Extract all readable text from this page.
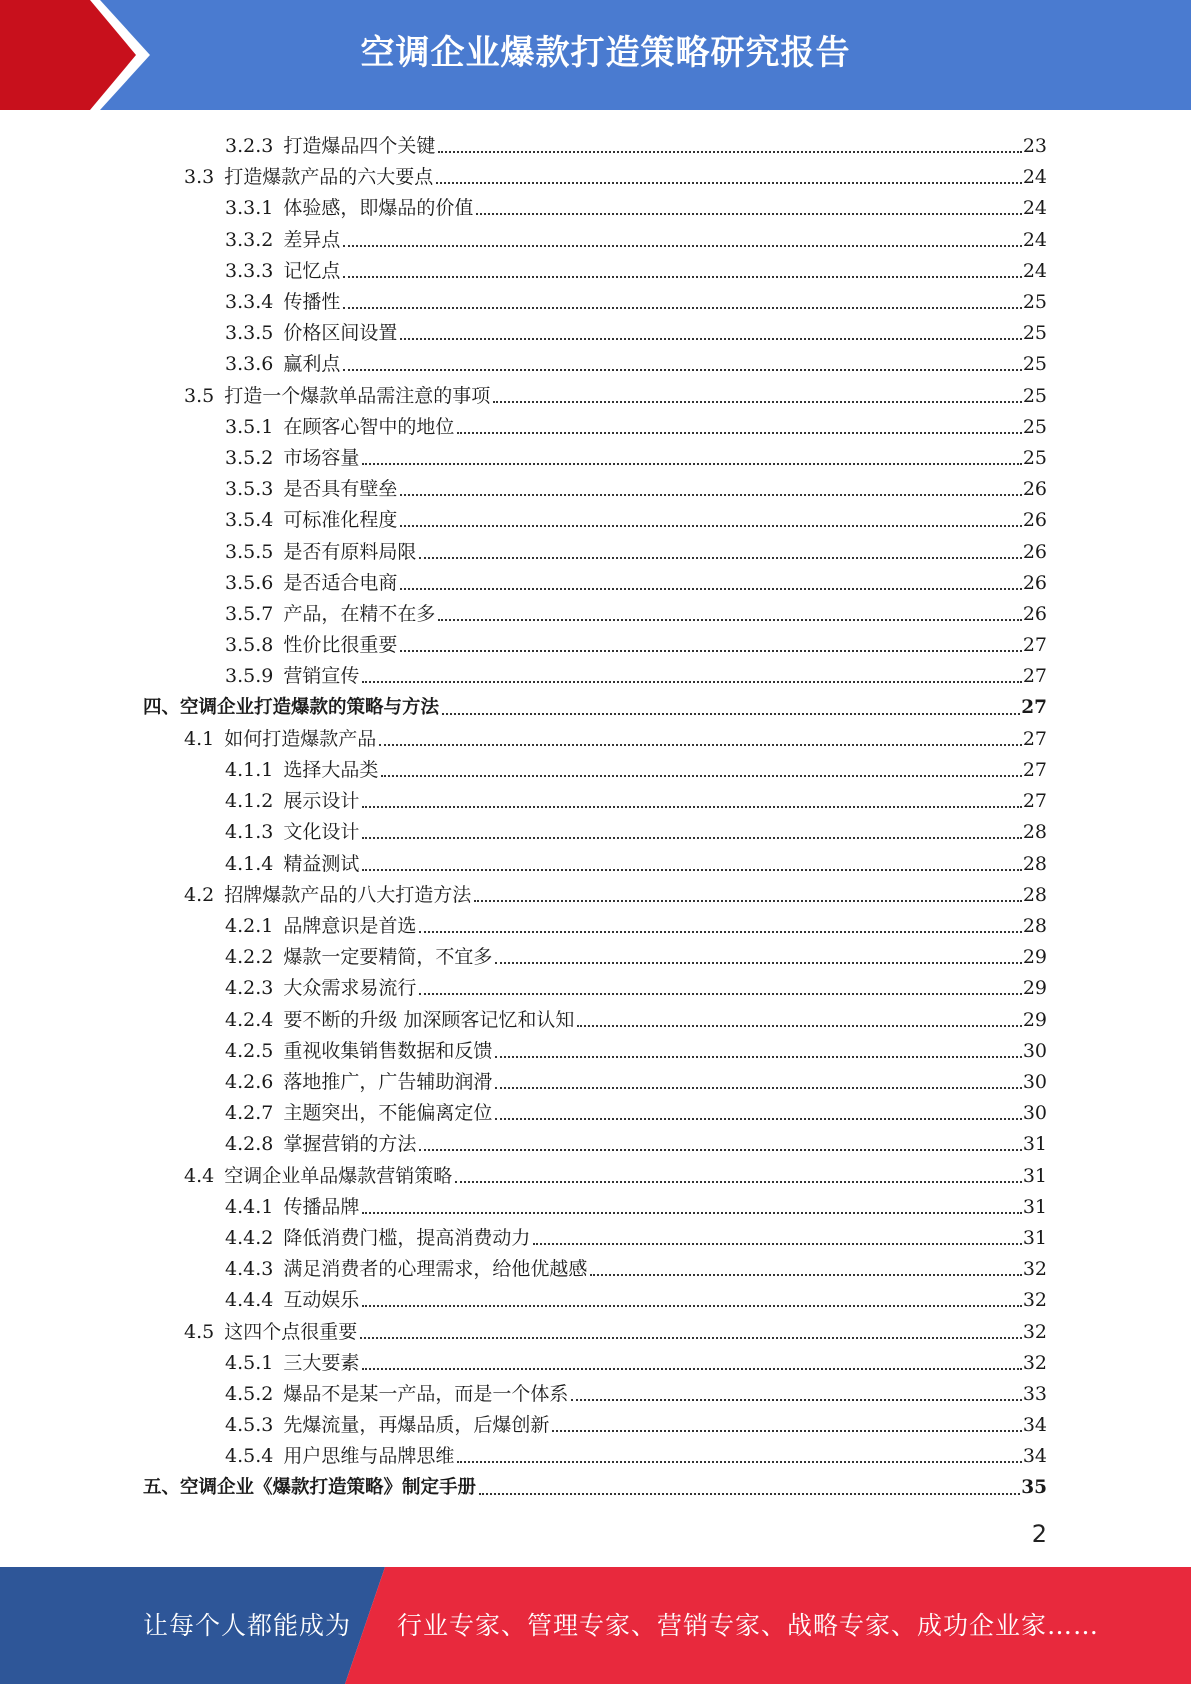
空调企业爆款打造策略研究报告
3.2.3 打造爆品四个关键	23
3.3 打造爆款产品的六大要点	24
3.3.1 体验感，即爆品的价值	24
3.3.2 差异点	24
3.3.3 记忆点	24
3.3.4 传播性	25
3.3.5 价格区间设置	25
3.3.6 赢利点	25
3.5 打造一个爆款单品需注意的事项	25
3.5.1 在顾客心智中的地位	25
3.5.2 市场容量	25
3.5.3 是否具有壁垒	26
3.5.4 可标准化程度	26
3.5.5 是否有原料局限	26
3.5.6 是否适合电商	26
3.5.7 产品，在精不在多	26
3.5.8 性价比很重要	27
3.5.9 营销宣传	27
四、 空调企业打造爆款的策略与方法	27
4.1 如何打造爆款产品	27
4.1.1 选择大品类	27
4.1.2 展示设计	27
4.1.3 文化设计	28
4.1.4 精益测试	28
4.2 招牌爆款产品的八大打造方法	28
4.2.1 品牌意识是首选	28
4.2.2 爆款一定要精简，不宜多	29
4.2.3 大众需求易流行	29
4.2.4 要不断的升级 加深顾客记忆和认知	29
4.2.5 重视收集销售数据和反馈	30
4.2.6 落地推广，广告辅助润滑	30
4.2.7 主题突出，不能偏离定位	30
4.2.8 掌握营销的方法	31
4.4 空调企业单品爆款营销策略	31
4.4.1 传播品牌	31
4.4.2 降低消费门槛，提高消费动力	31
4.4.3 满足消费者的心理需求，给他优越感	32
4.4.4 互动娱乐	32
4.5 这四个点很重要	32
4.5.1 三大要素	32
4.5.2 爆品不是某一产品，而是一个体系	33
4.5.3 先爆流量，再爆品质，后爆创新	34
4.5.4 用户思维与品牌思维	34
五、 空调企业《爆款打造策略》制定手册	35
2
让每个人都能成为 行业专家、管理专家、营销专家、战略专家、成功企业家……
